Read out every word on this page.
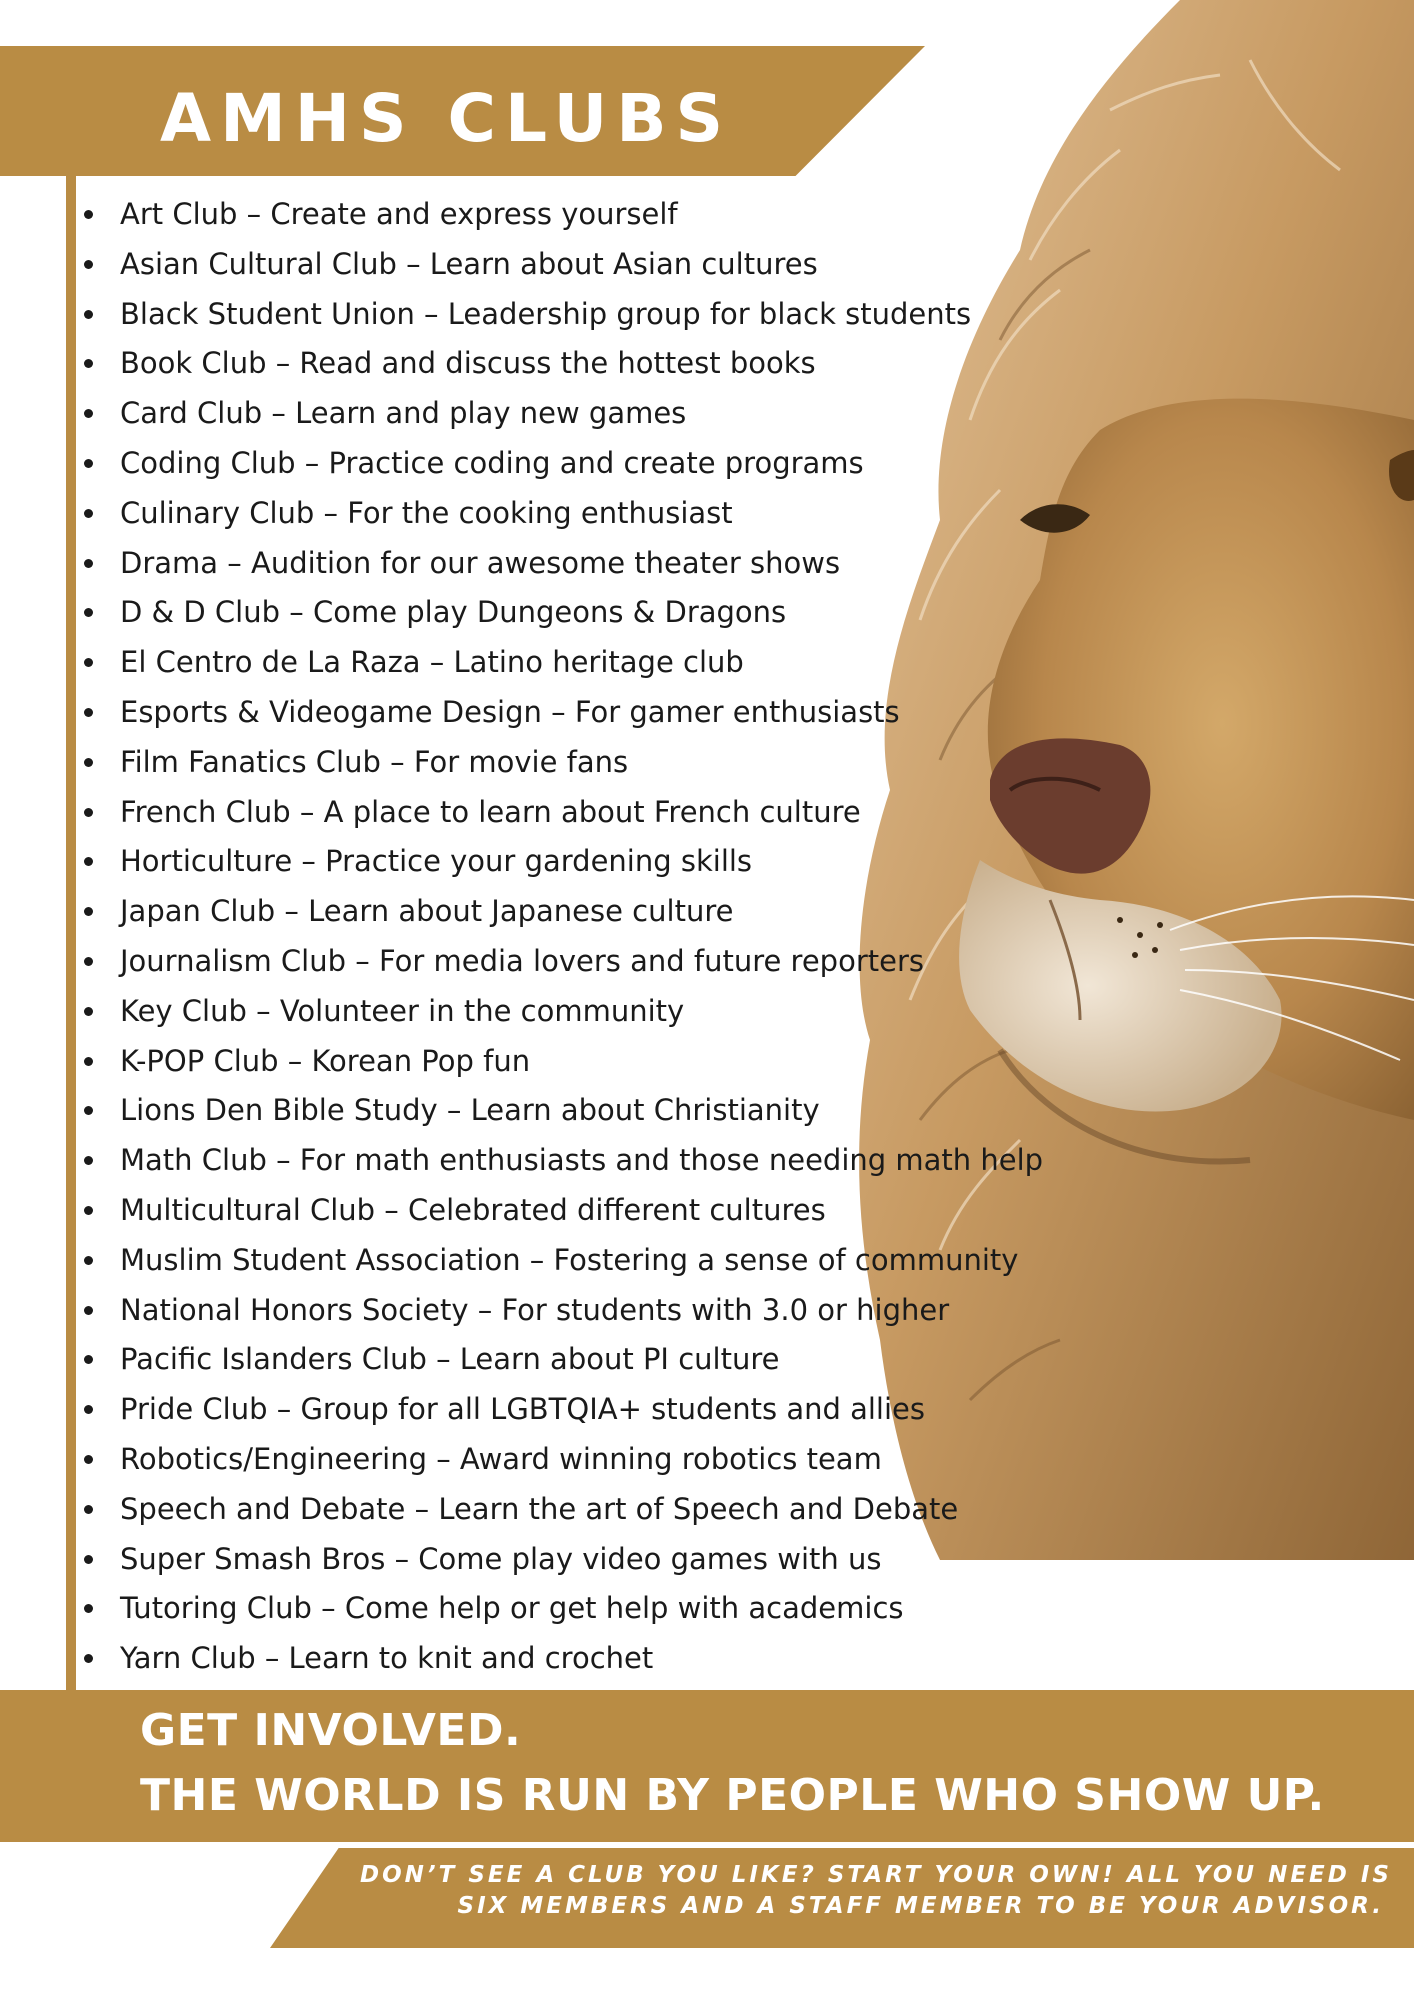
AMHS CLUBS
Art Club – Create and express yourself
Asian Cultural Club – Learn about Asian cultures
Black Student Union – Leadership group for black students
Book Club – Read and discuss the hottest books
Card Club – Learn and play new games
Coding Club – Practice coding and create programs
Culinary Club – For the cooking enthusiast
Drama – Audition for our awesome theater shows
D & D Club – Come play Dungeons & Dragons
El Centro de La Raza – Latino heritage club
Esports & Videogame Design – For gamer enthusiasts
Film Fanatics Club – For movie fans
French Club – A place to learn about French culture
Horticulture – Practice your gardening skills
Japan Club – Learn about Japanese culture
Journalism Club – For media lovers and future reporters
Key Club – Volunteer in the community
K-POP Club – Korean Pop fun
Lions Den Bible Study – Learn about Christianity
Math Club – For math enthusiasts and those needing math help
Multicultural Club – Celebrated different cultures
Muslim Student Association – Fostering a sense of community
National Honors Society – For students with 3.0 or higher
Pacific Islanders Club – Learn about PI culture
Pride Club – Group for all LGBTQIA+ students and allies
Robotics/Engineering – Award winning robotics team
Speech and Debate – Learn the art of Speech and Debate
Super Smash Bros – Come play video games with us
Tutoring Club – Come help or get help with academics
Yarn Club – Learn to knit and crochet
GET INVOLVED.
THE WORLD IS RUN BY PEOPLE WHO SHOW UP.
DON’T SEE A CLUB YOU LIKE? START YOUR OWN! ALL YOU NEED IS
SIX MEMBERS AND A STAFF MEMBER TO BE YOUR ADVISOR.
